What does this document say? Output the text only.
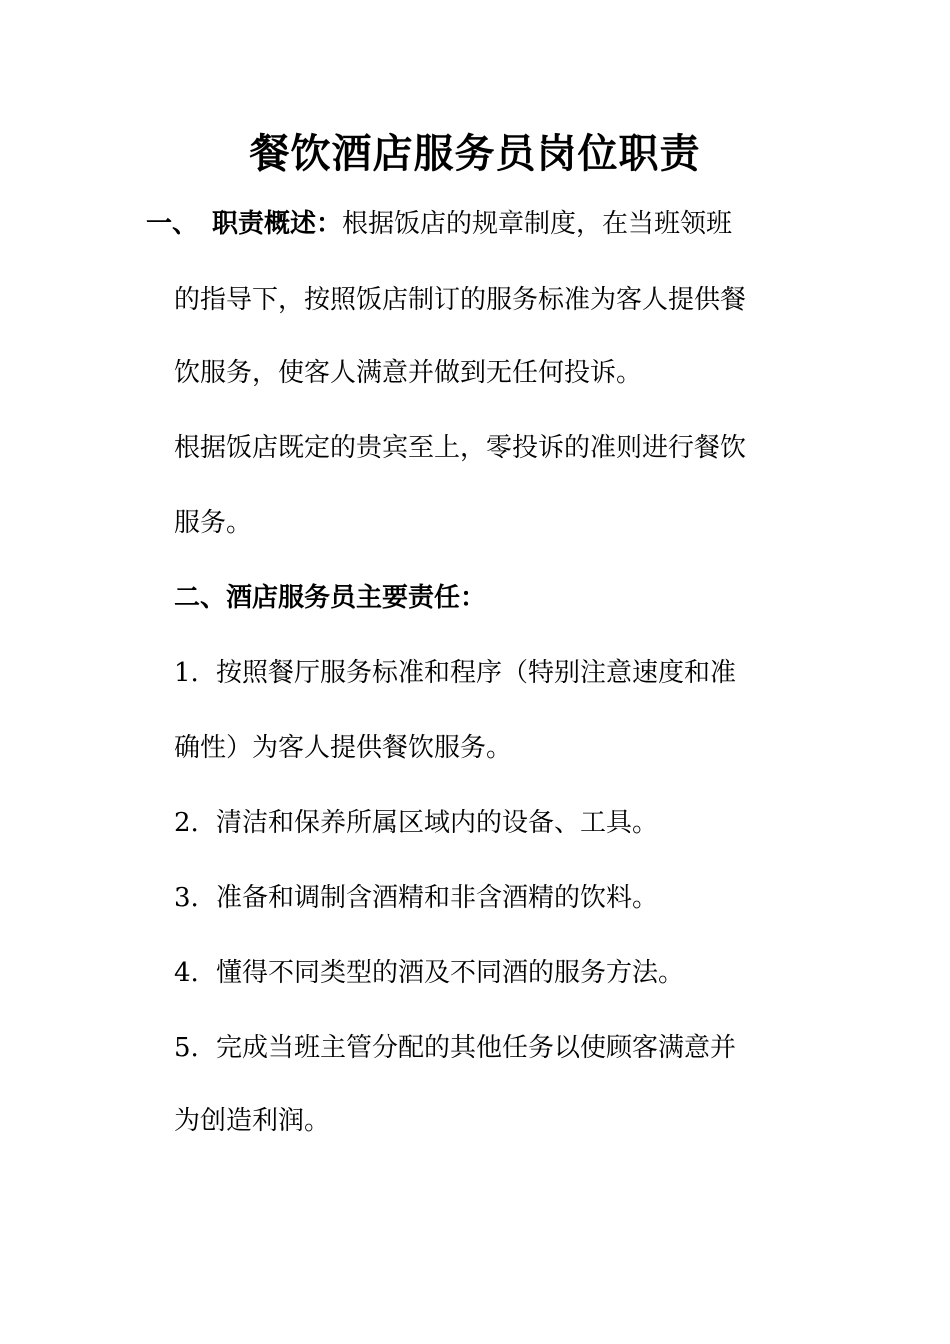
餐饮酒店服务员岗位职责
一、 职责概述：根据饭店的规章制度，在当班领班
的指导下，按照饭店制订的服务标准为客人提供餐
饮服务，使客人满意并做到无任何投诉。
根据饭店既定的贵宾至上，零投诉的准则进行餐饮
服务。
二、酒店服务员主要责任：
1. 按照餐厅服务标准和程序（特别注意速度和准
确性）为客人提供餐饮服务。
2. 清洁和保养所属区域内的设备、工具。
3. 准备和调制含酒精和非含酒精的饮料。
4. 懂得不同类型的酒及不同酒的服务方法。
5. 完成当班主管分配的其他任务以使顾客满意并
为创造利润。
